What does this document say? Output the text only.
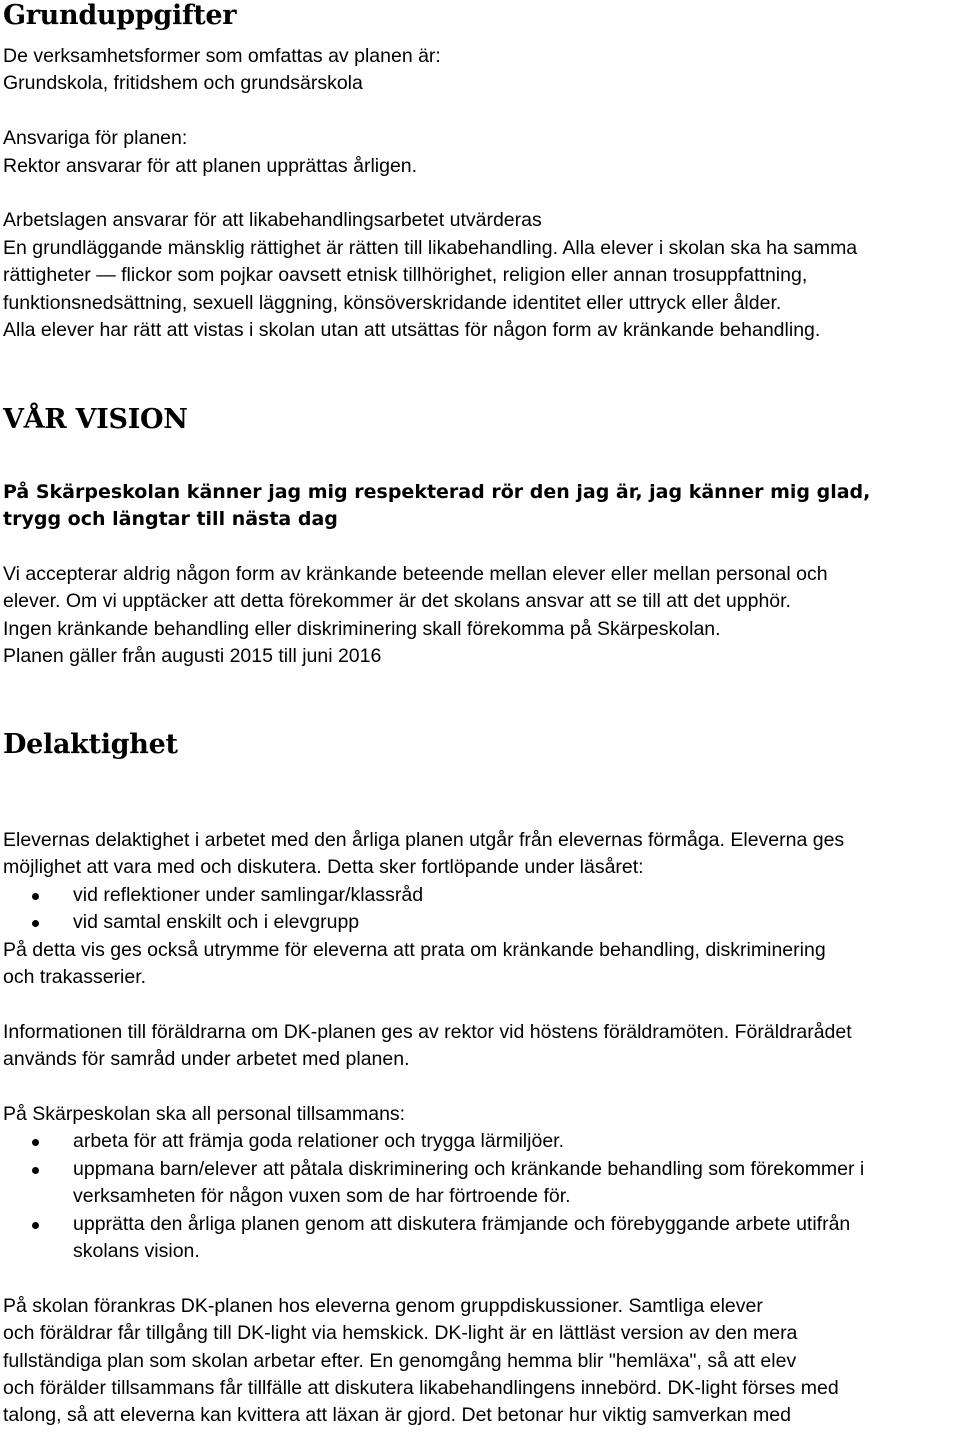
Grunduppgifter

De verksamhetsformer som omfattas av planen är:

Grundskola, fritidshem och grundsärskola

Ansvariga för planen:

Rektor ansvarar för att planen upprättas årligen.

Arbetslagen ansvarar för att likabehandlingsarbetet utvärderas

En grundläggande mänsklig rättighet är rätten till likabehandling. Alla elever i skolan ska ha samma

rättigheter — flickor som pojkar oavsett etnisk tillhörighet, religion eller annan trosuppfattning,

funktionsnedsättning, sexuell läggning, könsöverskridande identitet eller uttryck eller ålder.

Alla elever har rätt att vistas i skolan utan att utsättas för någon form av kränkande behandling.

VÅR VISION

På Skärpeskolan känner jag mig respekterad rör den jag är, jag känner mig glad,

trygg och längtar till nästa dag

Vi accepterar aldrig någon form av kränkande beteende mellan elever eller mellan personal och

elever. Om vi upptäcker att detta förekommer är det skolans ansvar att se till att det upphör.

Ingen kränkande behandling eller diskriminering skall förekomma på Skärpeskolan.

Planen gäller från augusti 2015 till juni 2016

Delaktighet

Elevernas delaktighet i arbetet med den årliga planen utgår från elevernas förmåga. Eleverna ges

möjlighet att vara med och diskutera. Detta sker fortlöpande under läsåret:

vid reflektioner under samlingar/klassråd
vid samtal enskilt och i elevgrupp

På detta vis ges också utrymme för eleverna att prata om kränkande behandling, diskriminering

och trakasserier.

Informationen till föräldrarna om DK-planen ges av rektor vid höstens föräldramöten. Föräldrarådet

används för samråd under arbetet med planen.

På Skärpeskolan ska all personal tillsammans:

arbeta för att främja goda relationer och trygga lärmiljöer.
uppmana barn/elever att påtala diskriminering och kränkande behandling som förekommer i
verksamheten för någon vuxen som de har förtroende för.
upprätta den årliga planen genom att diskutera främjande och förebyggande arbete utifrån
skolans vision.

På skolan förankras DK-planen hos eleverna genom gruppdiskussioner. Samtliga elever

och föräldrar får tillgång till DK-light via hemskick. DK-light är en lättläst version av den mera

fullständiga plan som skolan arbetar efter. En genomgång hemma blir "hemläxa", så att elev

och förälder tillsammans får tillfälle att diskutera likabehandlingens innebörd. DK-light förses med

talong, så att eleverna kan kvittera att läxan är gjord. Det betonar hur viktig samverkan med
